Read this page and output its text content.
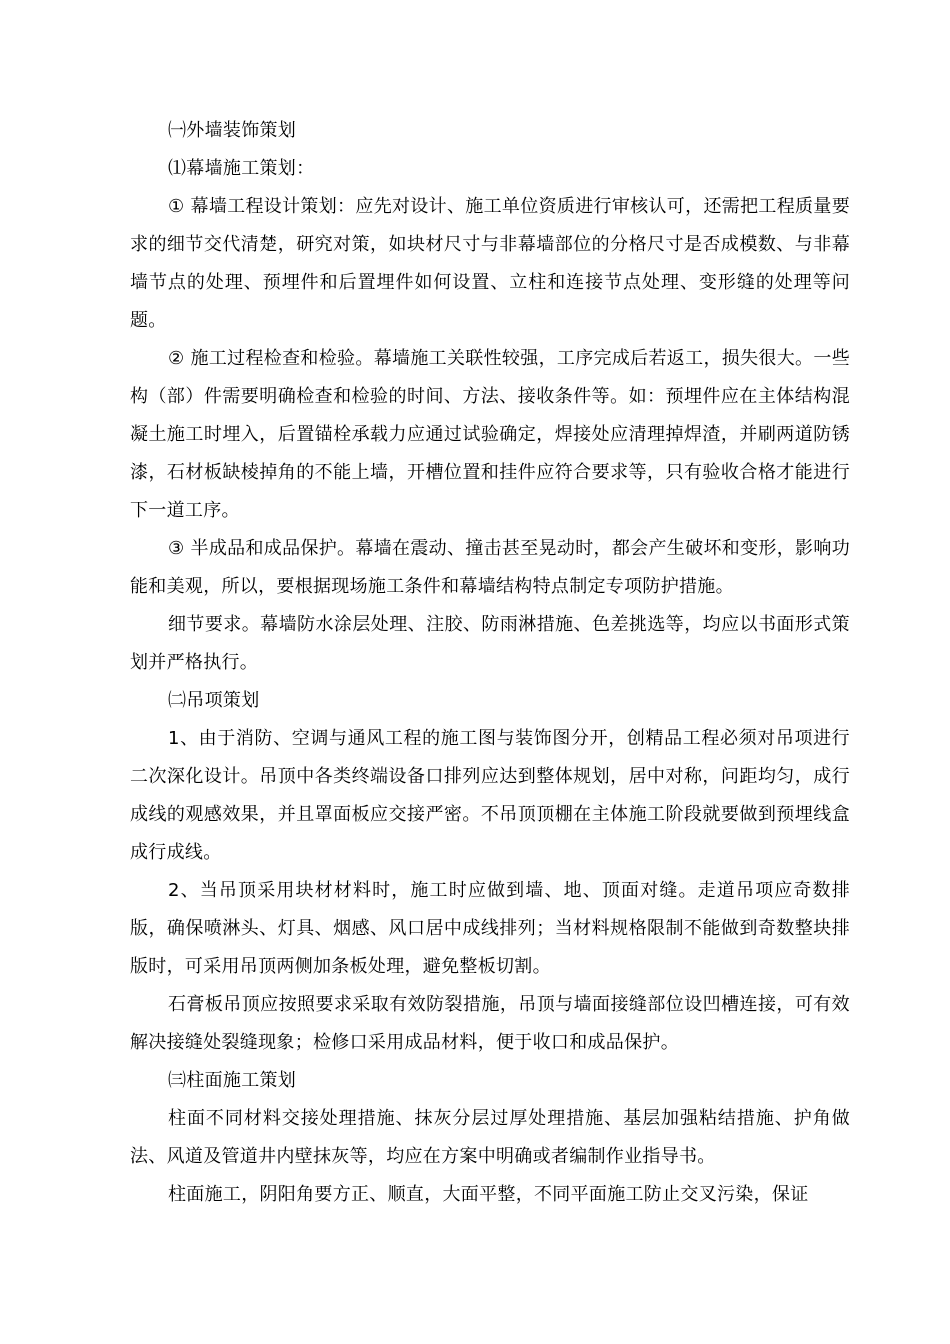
㈠外墙装饰策划

⑴幕墙施工策划：

① 幕墙工程设计策划：应先对设计、施工单位资质进行审核认可，还需把工程质量要求的细节交代清楚，研究对策，如块材尺寸与非幕墙部位的分格尺寸是否成模数、与非幕墙节点的处理、预埋件和后置埋件如何设置、立柱和连接节点处理、变形缝的处理等问题。

② 施工过程检查和检验。幕墙施工关联性较强，工序完成后若返工，损失很大。一些构（部）件需要明确检查和检验的时间、方法、接收条件等。如：预埋件应在主体结构混凝土施工时埋入，后置锚栓承载力应通过试验确定，焊接处应清理掉焊渣，并刷两道防锈漆，石材板缺棱掉角的不能上墙，开槽位置和挂件应符合要求等，只有验收合格才能进行下一道工序。

③ 半成品和成品保护。幕墙在震动、撞击甚至晃动时，都会产生破坏和变形，影响功能和美观，所以，要根据现场施工条件和幕墙结构特点制定专项防护措施。

细节要求。幕墙防水涂层处理、注胶、防雨淋措施、色差挑选等，均应以书面形式策划并严格执行。

㈡吊项策划

1、由于消防、空调与通风工程的施工图与装饰图分开，创精品工程必须对吊项进行二次深化设计。吊顶中各类终端设备口排列应达到整体规划，居中对称，问距均匀，成行成线的观感效果，并且罩面板应交接严密。不吊顶顶棚在主体施工阶段就要做到预埋线盒成行成线。

2、当吊顶采用块材材料时，施工时应做到墙、地、顶面对缝。走道吊项应奇数排版，确保喷淋头、灯具、烟感、风口居中成线排列；当材料规格限制不能做到奇数整块排版时，可采用吊顶两侧加条板处理，避免整板切割。

石膏板吊顶应按照要求采取有效防裂措施，吊顶与墙面接缝部位设凹槽连接，可有效解决接缝处裂缝现象；检修口采用成品材料，便于收口和成品保护。

㈢柱面施工策划

柱面不同材料交接处理措施、抹灰分层过厚处理措施、基层加强粘结措施、护角做法、风道及管道井内壁抹灰等，均应在方案中明确或者编制作业指导书。

柱面施工，阴阳角要方正、顺直，大面平整，不同平面施工防止交叉污染，保证
